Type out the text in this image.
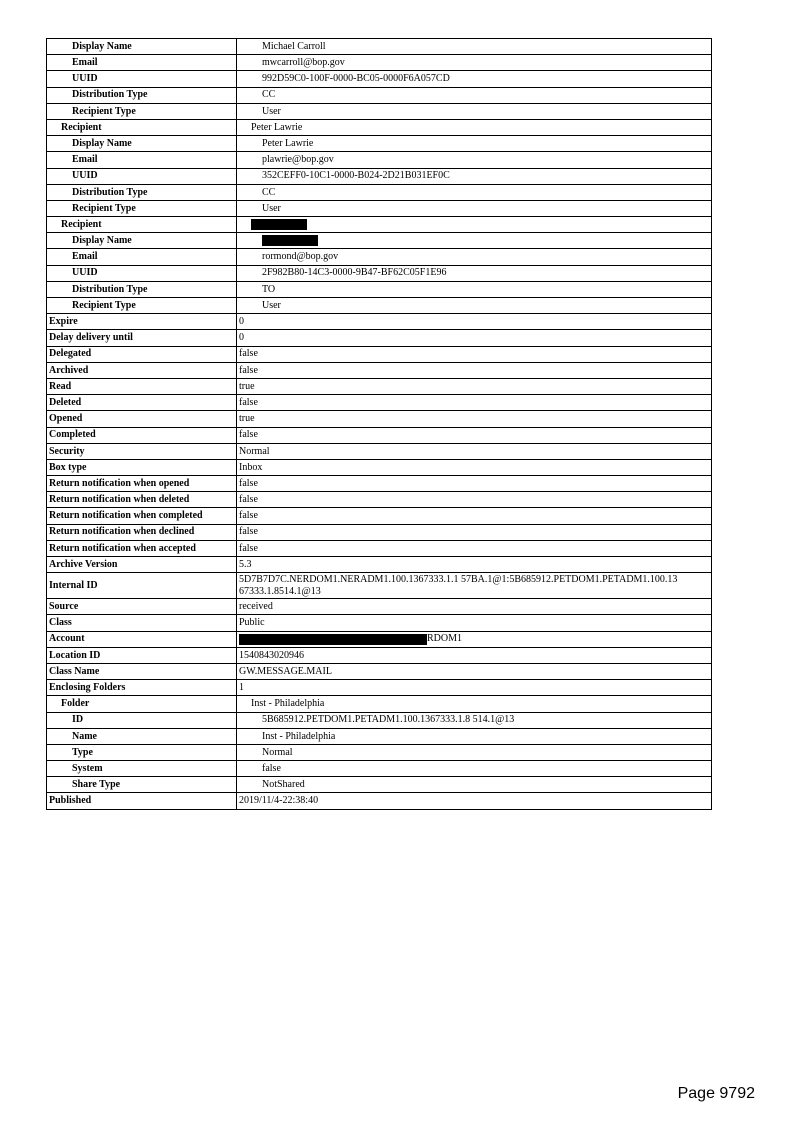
Display Name	Michael Carroll
Email	mwcarroll@bop.gov
UUID	992D59C0-100F-0000-BC05-0000F6A057CD
Distribution Type	CC
Recipient Type	User
Recipient	Peter Lawrie
Display Name	Peter Lawrie
Email	plawrie@bop.gov
UUID	352CEFF0-10C1-0000-B024-2D21B031EF0C
Distribution Type	CC
Recipient Type	User
Recipient	
Display Name	
Email	rormond@bop.gov
UUID	2F982B80-14C3-0000-9B47-BF62C05F1E96
Distribution Type	TO
Recipient Type	User
Expire	0
Delay delivery until	0
Delegated	false
Archived	false
Read	true
Deleted	false
Opened	true
Completed	false
Security	Normal
Box type	Inbox
Return notification when opened	false
Return notification when deleted	false
Return notification when completed	false
Return notification when declined	false
Return notification when accepted	false
Archive Version	5.3
Internal ID	5D7B7D7C.NERDOM1.NERADM1.100.1367333.1.1 57BA.1@1:5B685912.PETDOM1.PETADM1.100.13 67333.1.8514.1@13
Source	received
Class	Public
Account	RDOM1
Location ID	1540843020946
Class Name	GW.MESSAGE.MAIL
Enclosing Folders	1
Folder	Inst - Philadelphia
ID	5B685912.PETDOM1.PETADM1.100.1367333.1.8 514.1@13
Name	Inst - Philadelphia
Type	Normal
System	false
Share Type	NotShared
Published	2019/11/4-22:38:40
Page 9792
